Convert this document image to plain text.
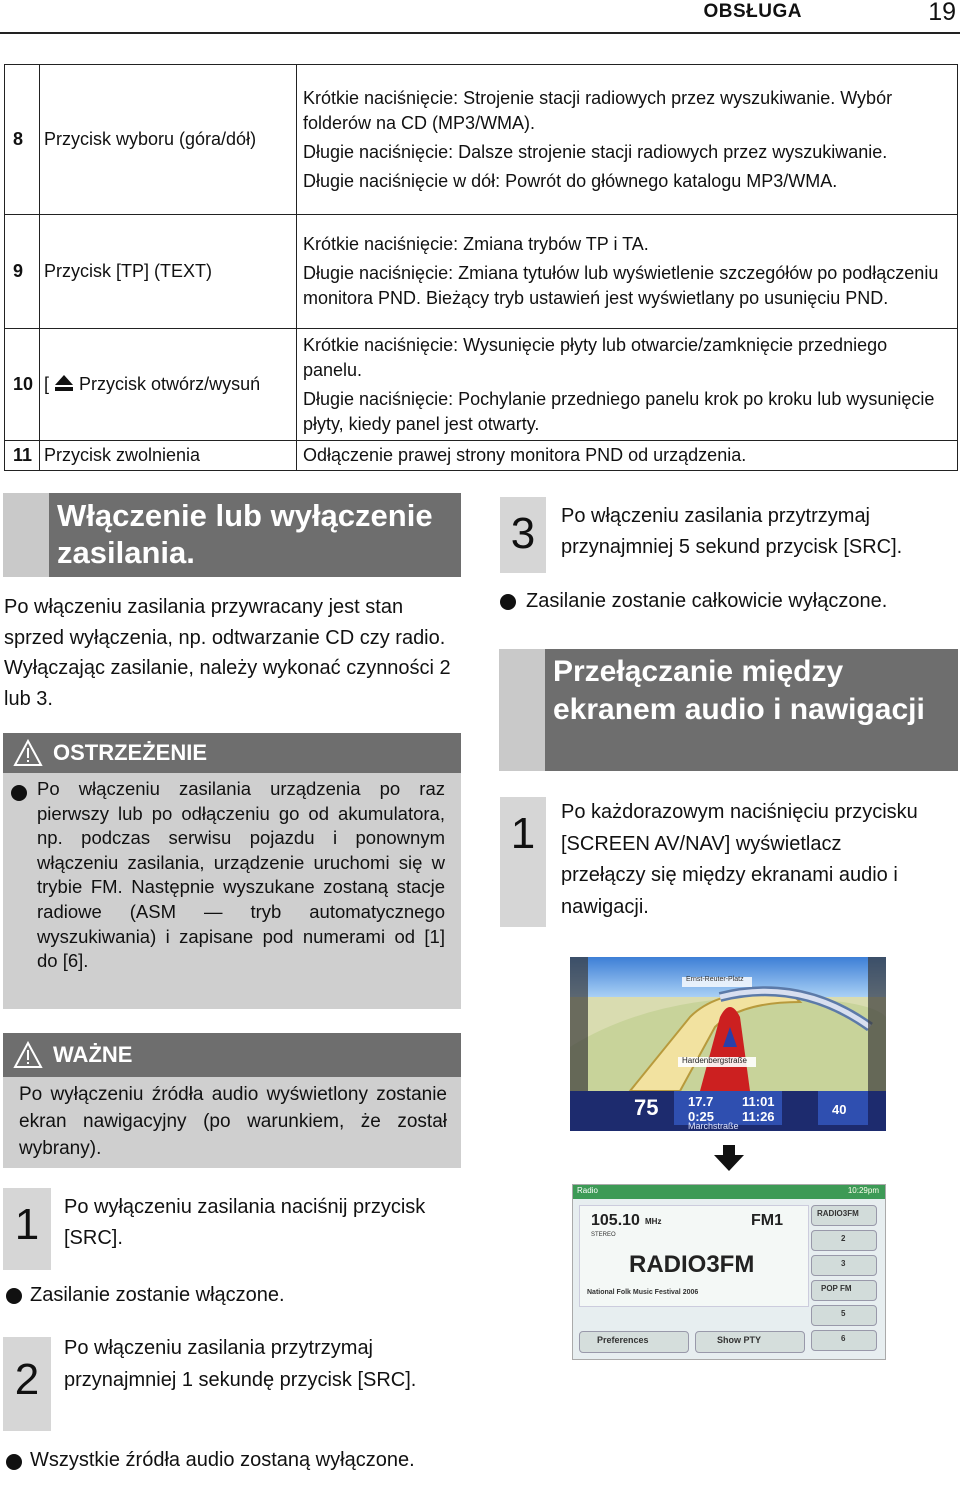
OBSŁUGA	19
8	Przycisk wyboru (góra/dół)	Krótkie naciśnięcie: Strojenie stacji radiowych przez wyszukiwanie. Wybór folderów na CD (MP3/WMA).

Długie naciśnięcie: Dalsze strojenie stacji radiowych przez wyszukiwanie.

Długie naciśnięcie w dół: Powrót do głównego katalogu MP3/WMA.

9	Przycisk [TP] (TEXT)	Krótkie naciśnięcie: Zmiana trybów TP i TA.

Długie naciśnięcie: Zmiana tytułów lub wyświetlenie szczegółów po podłączeniu monitora PND. Bieżący tryb ustawień jest wyświetlany po usunięciu PND.

10	[ Przycisk otwórz/wysuń	Krótkie naciśnięcie: Wysunięcie płyty lub otwarcie/zamknięcie przedniego panelu.

Długie naciśnięcie: Pochylanie przedniego panelu krok po kroku lub wysunięcie płyty, kiedy panel jest otwarty.

11	Przycisk zwolnienia	Odłączenie prawej strony monitora PND od urządzenia.

Włączenie lub wyłączenie zasilania.
Po włączeniu zasilania przywracany jest stan sprzed wyłączenia, np. odtwarzanie CD czy radio. Wyłączając zasilanie, należy wykonać czynności 2 lub 3.
OSTRZEŻENIE
Po włączeniu zasilania urządzenia po raz pierwszy lub po odłączeniu go od akumulatora, np. podczas serwisu pojazdu i ponownym włączeniu zasilania, urządzenie uruchomi się w trybie FM. Następnie wyszukane zostaną stacje radiowe (ASM — tryb automatycznego wyszukiwania) i zapisane pod numerami od [1] do [6].
WAŻNE
Po wyłączeniu źródła audio wyświetlony zostanie ekran nawigacyjny (po warunkiem, że został wybrany).
1	Po wyłączeniu zasilania naciśnij przycisk [SRC].
Zasilanie zostanie włączone.
2
Po włączeniu zasilania przytrzymaj przynajmniej 1 sekundę przycisk [SRC].
Wszystkie źródła audio zostaną wyłączone.
3	Po włączeniu zasilania przytrzymaj przynajmniej 5 sekund przycisk [SRC].
Zasilanie zostanie całkowicie wyłączone.
Przełączanie między ekranem audio i nawigacji
1	Po każdorazowym naciśnięciu przycisku [SCREEN AV/NAV] wyświetlacz przełączy się między ekranami audio i nawigacji.
Ernst-Reuter-Platz
Hardenbergstraße
75 17.7 11:01
0:25 11:26	40
Marchstraße
Radio	10:29pm
105.10 MHz
STEREO
FM1
RADIO3FM
National Folk Music Festival 2006
Preferences	Show PTY
RADIO3FM
2
3
POP FM
5
6
